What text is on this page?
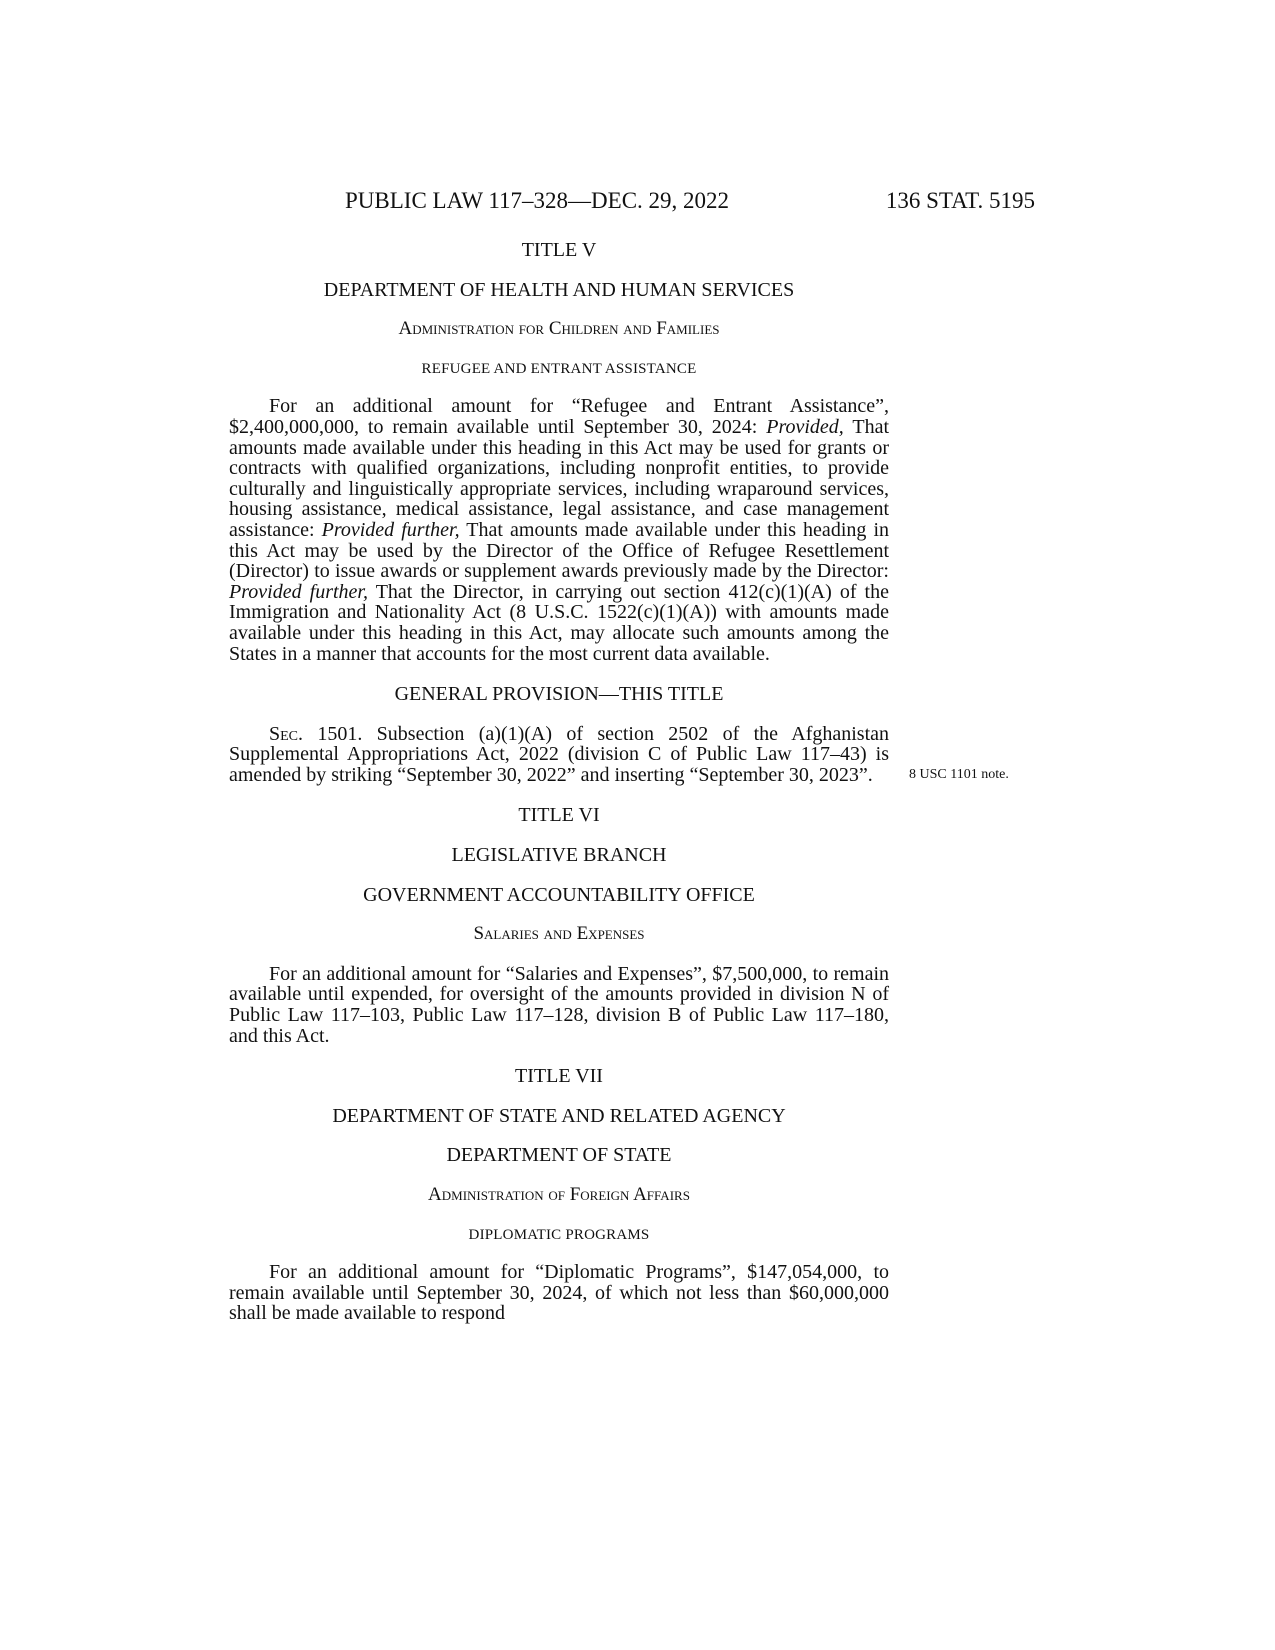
PUBLIC LAW 117–328—DEC. 29, 2022	136 STAT. 5195

TITLE V

DEPARTMENT OF HEALTH AND HUMAN SERVICES

Administration for Children and Families

REFUGEE AND ENTRANT ASSISTANCE

For an additional amount for “Refugee and Entrant Assistance”, $2,400,000,000, to remain available until September 30, 2024: Provided, That amounts made available under this heading in this Act may be used for grants or contracts with qualified organizations, including nonprofit entities, to provide culturally and linguistically appropriate services, including wraparound services, housing assistance, medical assistance, legal assistance, and case management assistance: Provided further, That amounts made available under this heading in this Act may be used by the Director of the Office of Refugee Resettlement (Director) to issue awards or supplement awards previously made by the Director: Provided further, That the Director, in carrying out section 412(c)(1)(A) of the Immigration and Nationality Act (8 U.S.C. 1522(c)(1)(A)) with amounts made available under this heading in this Act, may allocate such amounts among the States in a manner that accounts for the most current data available.

GENERAL PROVISION—THIS TITLE

Sec. 1501. Subsection (a)(1)(A) of section 2502 of the Afghanistan Supplemental Appropriations Act, 2022 (division C of Public Law 117–43) is amended by striking “September 30, 2022” and inserting “September 30, 2023”.	8 USC 1101 note.

TITLE VI

LEGISLATIVE BRANCH

GOVERNMENT ACCOUNTABILITY OFFICE

Salaries and Expenses

For an additional amount for “Salaries and Expenses”, $7,500,000, to remain available until expended, for oversight of the amounts provided in division N of Public Law 117–103, Public Law 117–128, division B of Public Law 117–180, and this Act.

TITLE VII

DEPARTMENT OF STATE AND RELATED AGENCY

DEPARTMENT OF STATE

Administration of Foreign Affairs

DIPLOMATIC PROGRAMS

For an additional amount for “Diplomatic Programs”, $147,054,000, to remain available until September 30, 2024, of which not less than $60,000,000 shall be made available to respond
